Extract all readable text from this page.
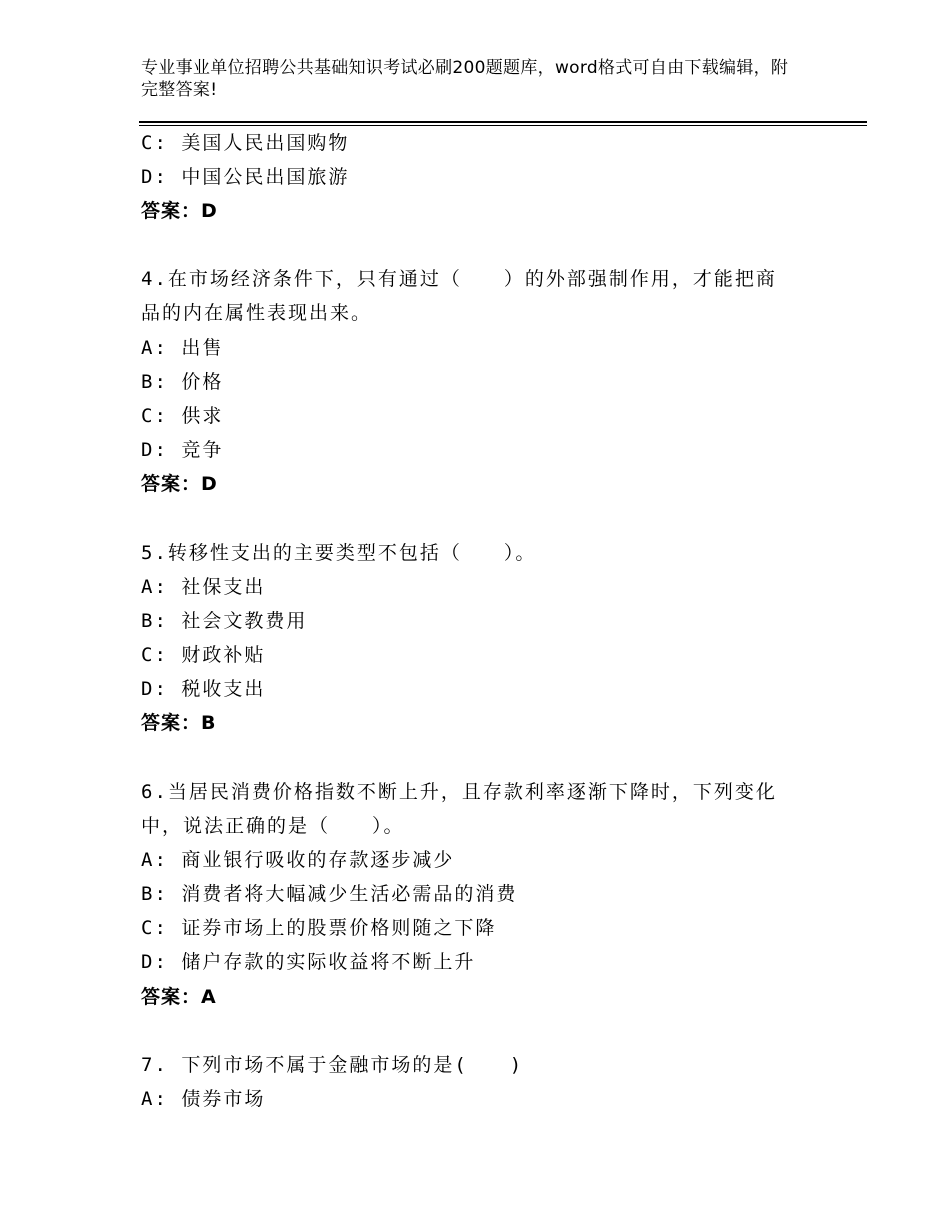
专业事业单位招聘公共基础知识考试必刷200题题库，word格式可自由下载编辑，附完整答案!
C: 美国人民出国购物
D: 中国公民出国旅游
答案：D
4.在市场经济条件下，只有通过（　　）的外部强制作用，才能把商
品的内在属性表现出来。
A: 出售
B: 价格
C: 供求
D: 竞争
答案：D
5.转移性支出的主要类型不包括（　　）。
A: 社保支出
B: 社会文教费用
C: 财政补贴
D: 税收支出
答案：B
6.当居民消费价格指数不断上升，且存款利率逐渐下降时，下列变化
中，说法正确的是（　　）。
A: 商业银行吸收的存款逐步减少
B: 消费者将大幅减少生活必需品的消费
C: 证券市场上的股票价格则随之下降
D: 储户存款的实际收益将不断上升
答案：A
7. 下列市场不属于金融市场的是(　　)
A: 债券市场
